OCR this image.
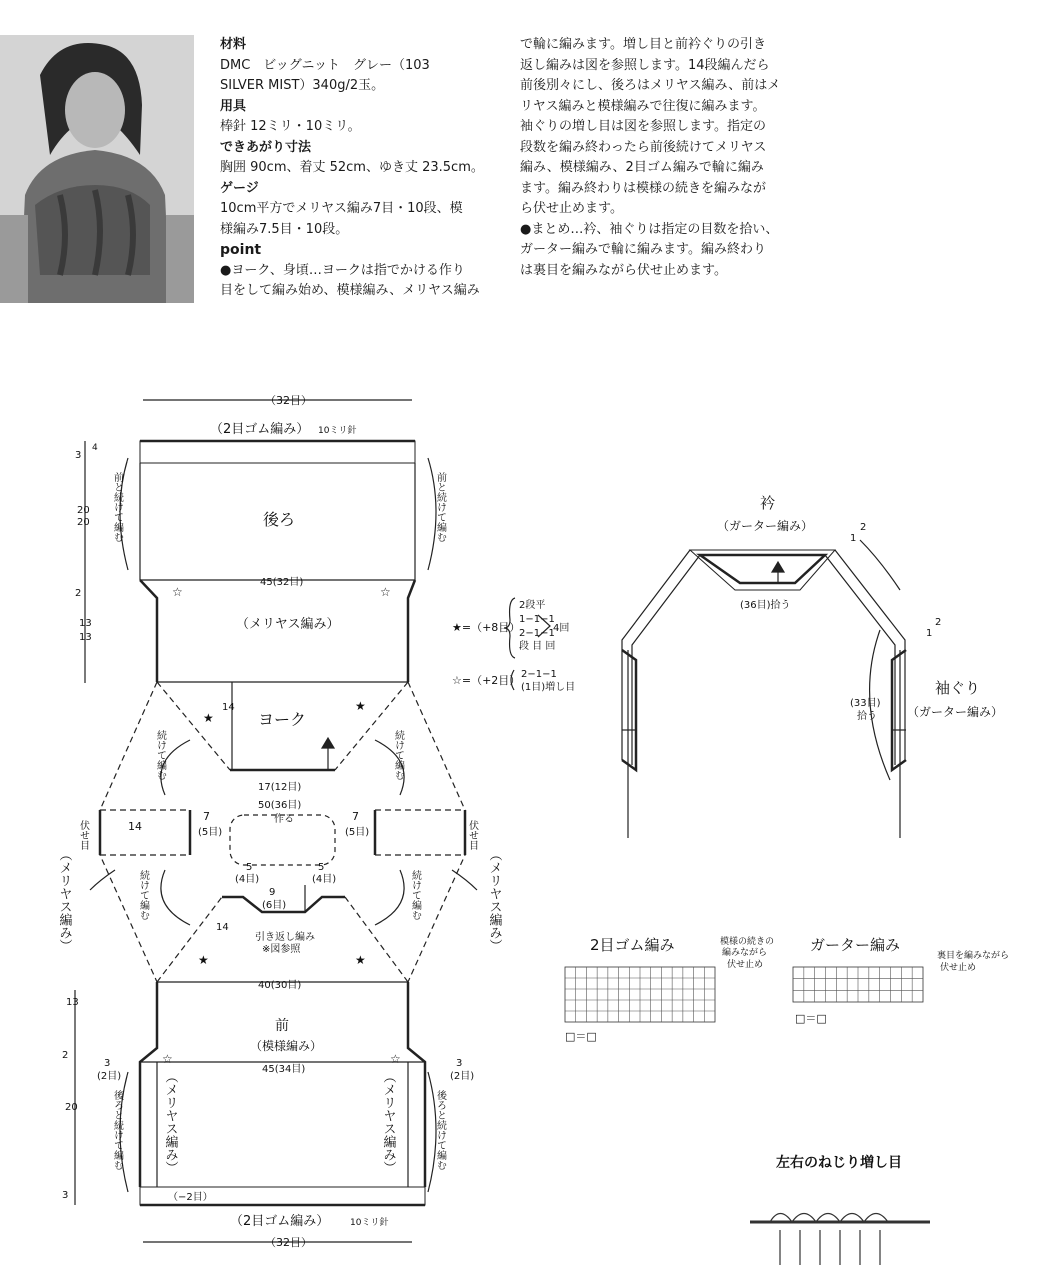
材料
DMC　ビッグニット　グレー（103
SILVER MIST）340g/2玉。
用具
棒針 12ミリ・10ミリ。
できあがり寸法
胸囲 90cm、着丈 52cm、ゆき丈 23.5cm。
ゲージ
10cm平方でメリヤス編み7目・10段、模
様編み7.5目・10段。
point
●ヨーク、身頃…ヨークは指でかける作り
目をして編み始め、模様編み、メリヤス編み
で輪に編みます。増し目と前衿ぐりの引き
返し編みは図を参照します。14段編んだら
前後別々にし、後ろはメリヤス編み、前はメ
リヤス編みと模様編みで往復に編みます。
袖ぐりの増し目は図を参照します。指定の
段数を編み終わったら前後続けてメリヤス
編み、模様編み、2目ゴム編みで輪に編み
ます。編み終わりは模様の続きを編みなが
ら伏せ止めます。
●まとめ…衿、袖ぐりは指定の目数を拾い、
ガーター編みで輪に編みます。編み終わり
は裏目を編みながら伏せ止めます。
☆	☆
★
★
★	★
☆	☆
（32目）
（2目ゴム編み） 10ミリ針
後ろ
45(32目)
（メリヤス編み）
ヨーク
17(12目)
50(36目)
作る
前
（模様編み）
40(30目)
45(34目)
（−2目）
（2目ゴム編み） 10ミリ針
（32目）
5
(4目)
5
(4目)
9
(6目)
引き返し編み
※図参照
伏せ目	伏せ目
7
(5目)
7
(5目)
14
14
14
3
4
20
20
2
13
13
13
2
20
3
3
(2目)
3
(2目)
前と続けて編む	前と続けて編む
後ろと続けて編む	後ろと続けて編む
続けて編む	続けて編む
続けて編む	続けて編む
（メリヤス編み）	（メリヤス編み）
（メリヤス編み）	（メリヤス編み）
★=（+8目）
2段平
1−1−1
2−1−1
段 目 回
4回
☆=（+2目） 2−1−1
(1目)増し目
衿
（ガーター編み）
(36目)拾う
1
2
1
2
袖ぐり
（ガーター編み）
(33目)
拾う
2目ゴム編み	模様の続きの
編みながら
伏せ止め
ガーター編み
裏目を編みながら
伏せ止め
□＝□
□＝□
左右のねじり増し目
